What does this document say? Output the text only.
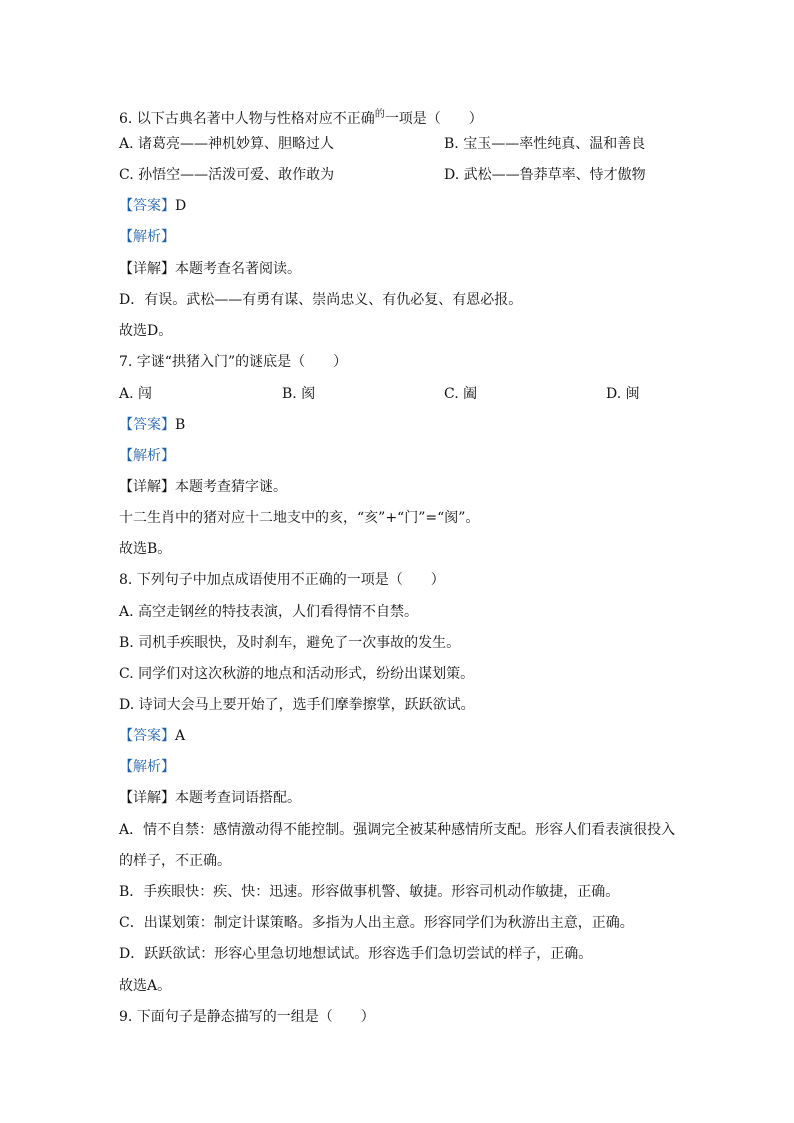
6. 以下古典名著中人物与性格对应不正确$^的$一项是（　　）
A. 诸葛亮——神机妙算、胆略过人	B. 宝玉——率性纯真、温和善良
C. 孙悟空——活泼可爱、敢作敢为	D. 武松——鲁莽草率、恃才傲物
【答案】D
【解析】
【详解】本题考查名著阅读。
D．有误。武松——有勇有谋、崇尚忠义、有仇必复、有恩必报。
故选D。
7. 字谜“拱猪入门”的谜底是（　　）
A. 闯	B. 阂	C. 阖	D. 闽
【答案】B
【解析】
【详解】本题考查猜字谜。
十二生肖中的猪对应十二地支中的亥，“亥”+“门”=“阂”。
故选B。
8. 下列句子中加点成语使用不正确的一项是（　　）
A. 高空走钢丝的特技表演，人们看得情不自禁。
B. 司机手疾眼快，及时刹车，避免了一次事故的发生。
C. 同学们对这次秋游的地点和活动形式，纷纷出谋划策。
D. 诗词大会马上要开始了，选手们摩拳擦掌，跃跃欲试。
【答案】A
【解析】
【详解】本题考查词语搭配。
A．情不自禁：感情激动得不能控制。强调完全被某种感情所支配。形容人们看表演很投入
的样子，不正确。
B．手疾眼快：疾、快：迅速。形容做事机警、敏捷。形容司机动作敏捷，正确。
C．出谋划策：制定计谋策略。多指为人出主意。形容同学们为秋游出主意，正确。
D．跃跃欲试：形容心里急切地想试试。形容选手们急切尝试的样子，正确。
故选A。
9. 下面句子是静态描写的一组是（　　）
